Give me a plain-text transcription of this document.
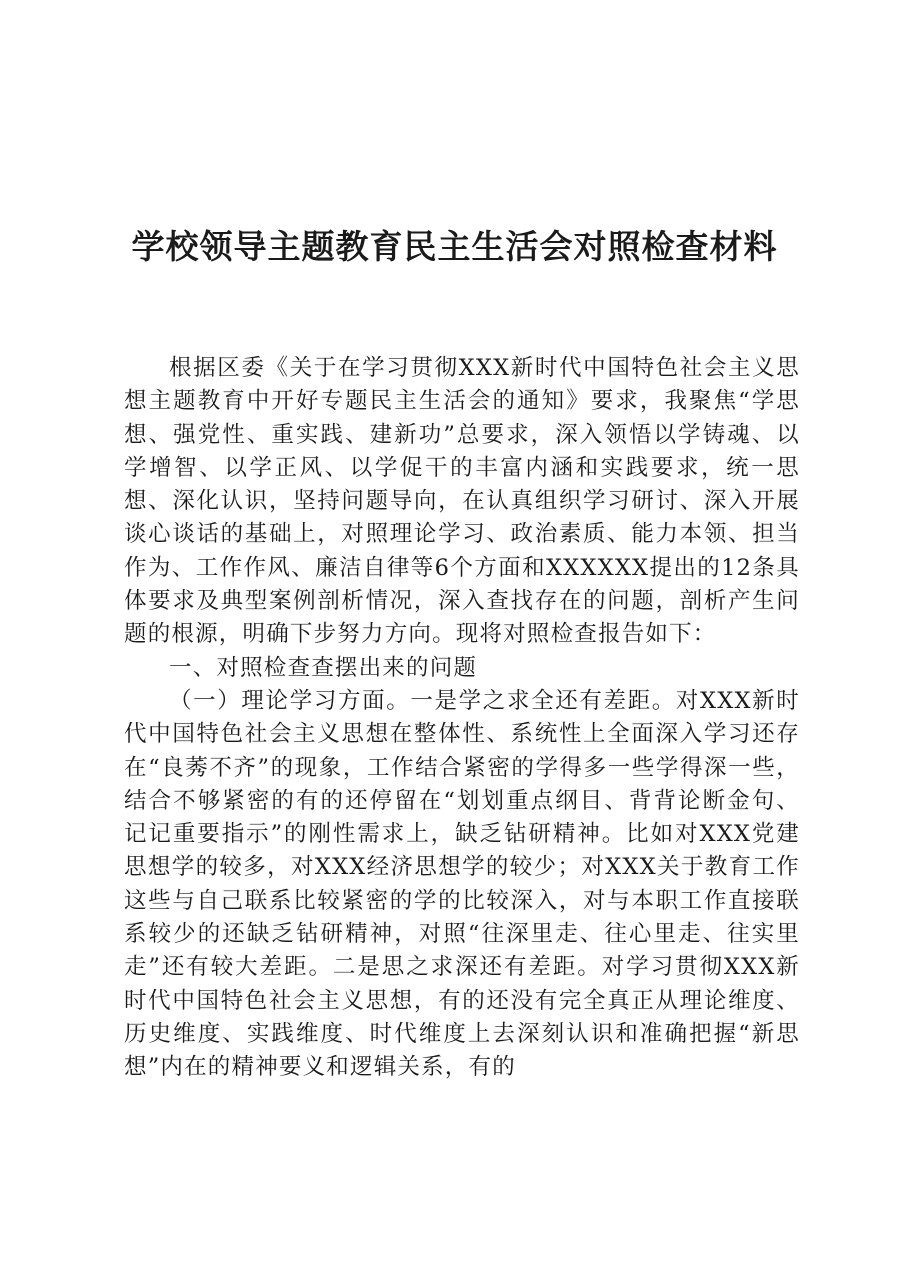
学校领导主题教育民主生活会对照检查材料

根据区委《关于在学习贯彻XXX新时代中国特色社会主义思想主题教育中开好专题民主生活会的通知》要求，我聚焦“学思想、强党性、重实践、建新功”总要求，深入领悟以学铸魂、以学增智、以学正风、以学促干的丰富内涵和实践要求，统一思想、深化认识，坚持问题导向，在认真组织学习研讨、深入开展谈心谈话的基础上，对照理论学习、政治素质、能力本领、担当作为、工作作风、廉洁自律等6个方面和XXXXXX提出的12条具体要求及典型案例剖析情况，深入查找存在的问题，剖析产生问题的根源，明确下步努力方向。现将对照检查报告如下：

一、对照检查查摆出来的问题

（一）理论学习方面。一是学之求全还有差距。对XXX新时代中国特色社会主义思想在整体性、系统性上全面深入学习还存在“良莠不齐”的现象，工作结合紧密的学得多一些学得深一些，结合不够紧密的有的还停留在“划划重点纲目、背背论断金句、记记重要指示”的刚性需求上，缺乏钻研精神。比如对XXX党建思想学的较多，对XXX经济思想学的较少；对XXX关于教育工作这些与自己联系比较紧密的学的比较深入，对与本职工作直接联系较少的还缺乏钻研精神，对照“往深里走、往心里走、往实里走”还有较大差距。二是思之求深还有差距。对学习贯彻XXX新时代中国特色社会主义思想，有的还没有完全真正从理论维度、历史维度、实践维度、时代维度上去深刻认识和准确把握“新思想”内在的精神要义和逻辑关系，有的
